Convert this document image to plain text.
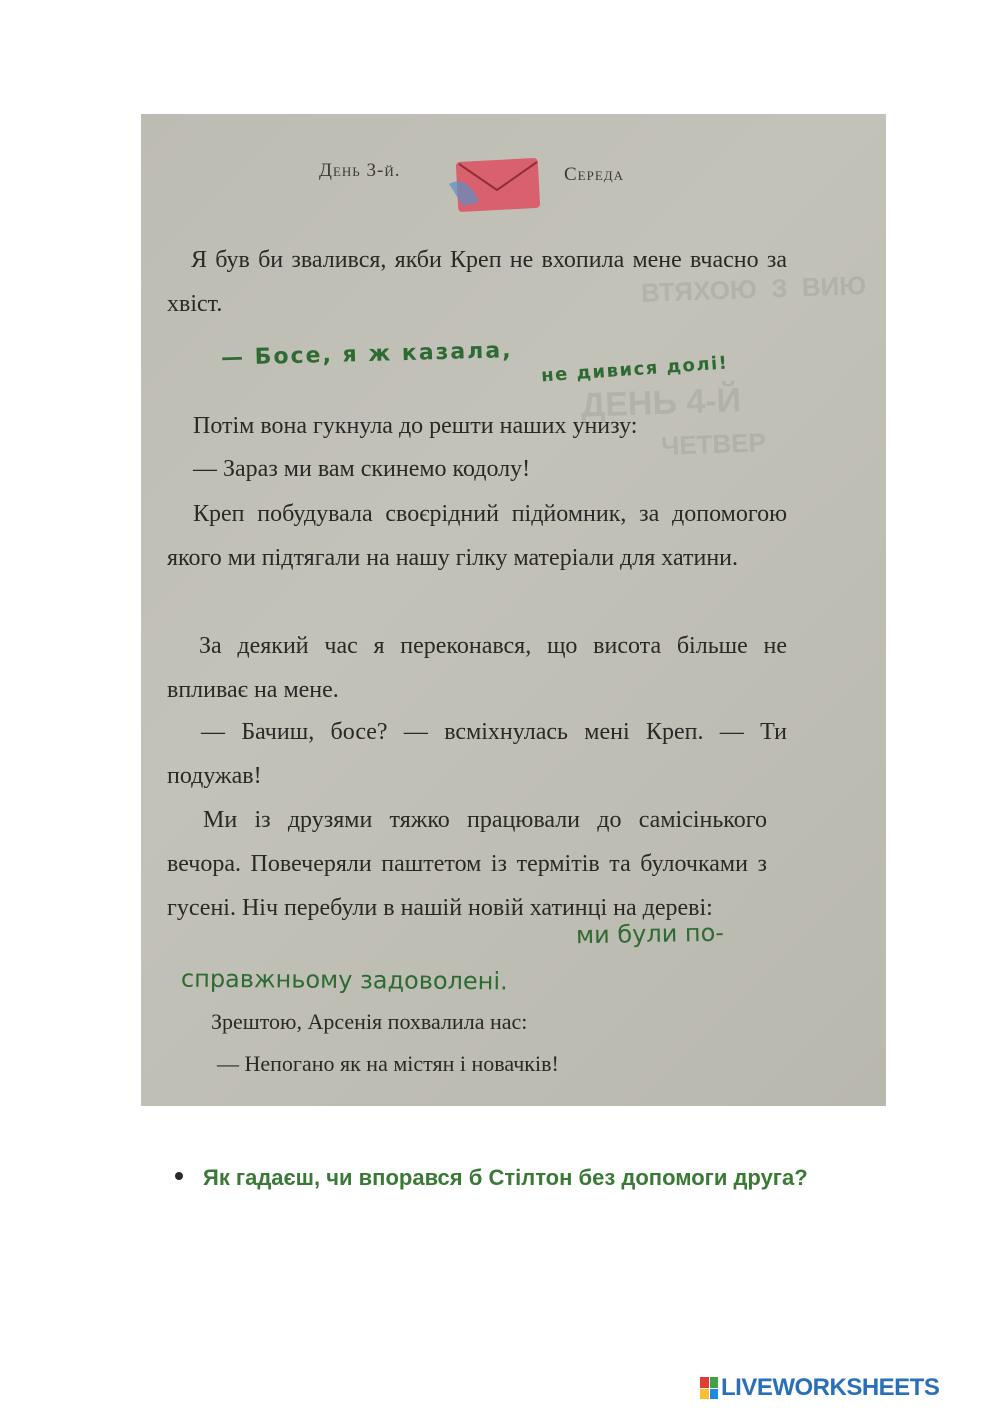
ВТЯХОЮ  З  ВИЮ
ДЕНЬ 4-Й
ЧЕТВЕР
День 3-й.	Середа

Я був би звалився, якби Креп не вхопила мене вчасно за хвіст.

— Босе, я ж казала, не дивися долі!

Потім вона гукнула до решти наших унизу:

— Зараз ми вам скинемо кодолу!

Креп побудувала своєрідний підйомник, за допомогою якого ми підтягали на нашу гілку матеріали для хатини.

За деякий час я переконався, що висота більше не впливає на мене.

— Бачиш, босе? — всміхнулась мені Креп. — Ти подужав!

Ми із друзями тяжко працювали до самісінького вечора. Повечеряли паштетом із термітів та булочками з гусені. Ніч перебули в нашій новій хатинці на дереві:

ми були по-
справжньому задоволені.

Зрештою, Арсенія похвалила нас:

— Непогано як на містян і новачків!

Як гадаєш, чи впорався б Стілтон без допомоги друга?
LIVEWORKSHEETS
